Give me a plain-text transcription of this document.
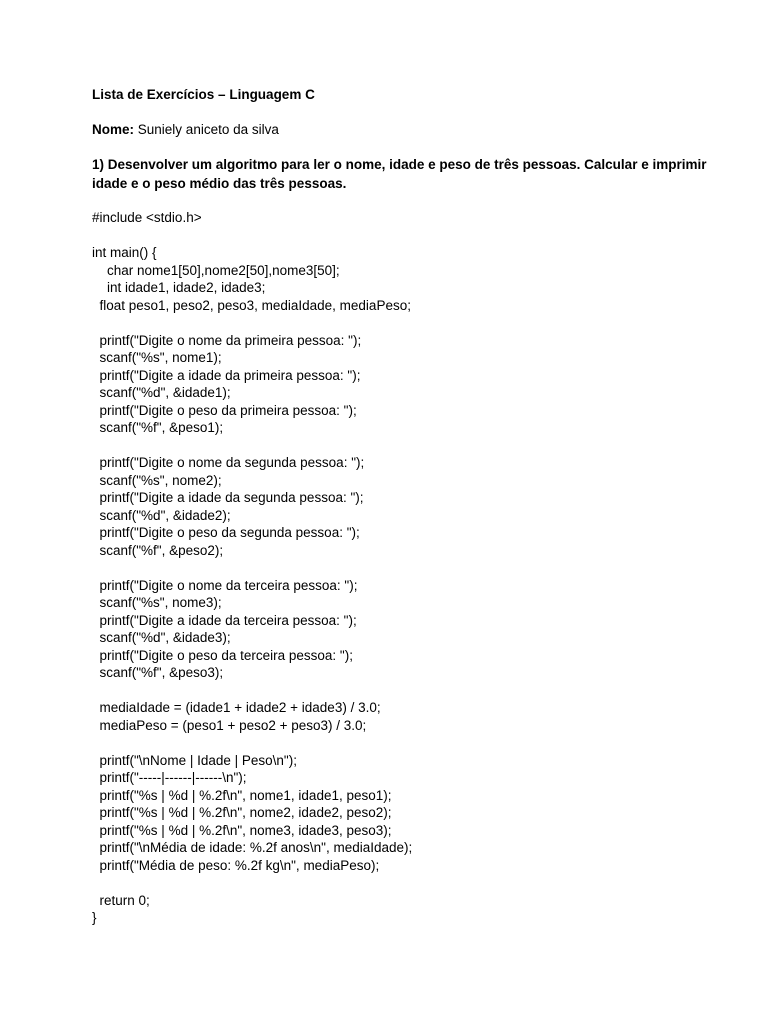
Lista de Exercícios – Linguagem C
Nome: Suniely aniceto da silva
1) Desenvolver um algoritmo para ler o nome, idade e peso de três pessoas. Calcular e imprimir idade e o peso médio das três pessoas.
#include <stdio.h>
int main() {
char nome1[50],nome2[50],nome3[50];
int idade1, idade2, idade3;
float peso1, peso2, peso3, mediaIdade, mediaPeso;
printf("Digite o nome da primeira pessoa: ");
scanf("%s", nome1);
printf("Digite a idade da primeira pessoa: ");
scanf("%d", &idade1);
printf("Digite o peso da primeira pessoa: ");
scanf("%f", &peso1);
printf("Digite o nome da segunda pessoa: ");
scanf("%s", nome2);
printf("Digite a idade da segunda pessoa: ");
scanf("%d", &idade2);
printf("Digite o peso da segunda pessoa: ");
scanf("%f", &peso2);
printf("Digite o nome da terceira pessoa: ");
scanf("%s", nome3);
printf("Digite a idade da terceira pessoa: ");
scanf("%d", &idade3);
printf("Digite o peso da terceira pessoa: ");
scanf("%f", &peso3);
mediaIdade = (idade1 + idade2 + idade3) / 3.0;
mediaPeso = (peso1 + peso2 + peso3) / 3.0;
printf("\nNome | Idade | Peso\n");
printf("-----|------|------\n");
printf("%s | %d | %.2f\n", nome1, idade1, peso1);
printf("%s | %d | %.2f\n", nome2, idade2, peso2);
printf("%s | %d | %.2f\n", nome3, idade3, peso3);
printf("\nMédia de idade: %.2f anos\n", mediaIdade);
printf("Média de peso: %.2f kg\n", mediaPeso);
return 0;
}
